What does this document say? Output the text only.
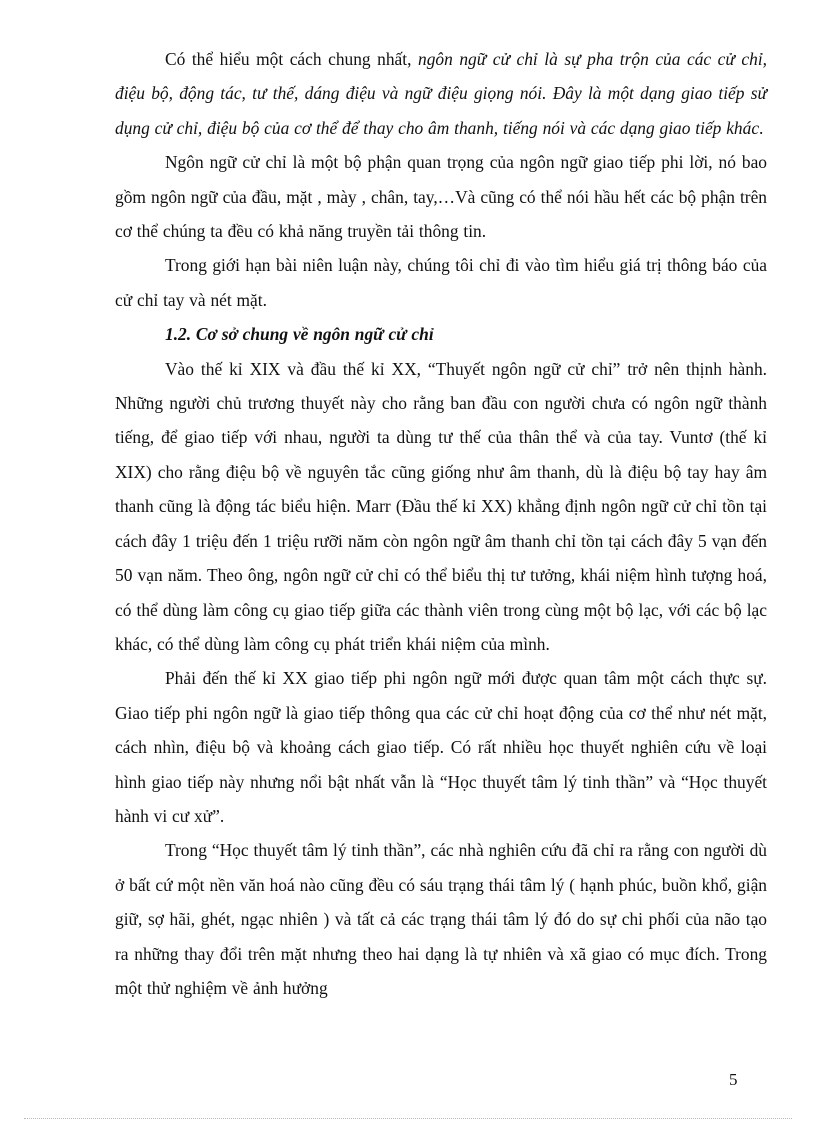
Có thể hiểu một cách chung nhất, ngôn ngữ cử chỉ là sự pha trộn của các cử chỉ, điệu bộ, động tác, tư thế, dáng điệu và ngữ điệu giọng nói. Đây là một dạng giao tiếp sử dụng cử chỉ, điệu bộ của cơ thể để thay cho âm thanh, tiếng nói và các dạng giao tiếp khác.

Ngôn ngữ cử chỉ là một bộ phận quan trọng của ngôn ngữ giao tiếp phi lời, nó bao gồm ngôn ngữ của đầu, mặt , mày , chân, tay,…Và cũng có thể nói hầu hết các bộ phận trên cơ thể chúng ta đều có khả năng truyền tải thông tin.

Trong giới hạn bài niên luận này, chúng tôi chỉ đi vào tìm hiểu giá trị thông báo của cử chỉ tay và nét mặt.

1.2. Cơ sở chung về ngôn ngữ cử chỉ

Vào thế kỉ XIX và đầu thế kỉ XX, “Thuyết ngôn ngữ cử chỉ” trở nên thịnh hành. Những người chủ trương thuyết này cho rằng ban đầu con người chưa có ngôn ngữ thành tiếng, để giao tiếp với nhau, người ta dùng tư thế của thân thể và của tay. Vuntơ (thế kỉ XIX) cho rằng điệu bộ về nguyên tắc cũng giống như âm thanh, dù là điệu bộ tay hay âm thanh cũng là động tác biểu hiện. Marr (Đầu thế kỉ XX) khẳng định ngôn ngữ cử chỉ tồn tại cách đây 1 triệu đến 1 triệu rưỡi năm còn ngôn ngữ âm thanh chỉ tồn tại cách đây 5 vạn đến 50 vạn năm. Theo ông, ngôn ngữ cử chỉ có thể biểu thị tư tưởng, khái niệm hình tượng hoá, có thể dùng làm công cụ giao tiếp giữa các thành viên trong cùng một bộ lạc, với các bộ lạc khác, có thể dùng làm công cụ phát triển khái niệm của mình.

Phải đến thế kỉ XX giao tiếp phi ngôn ngữ mới được quan tâm một cách thực sự. Giao tiếp phi ngôn ngữ là giao tiếp thông qua các cử chỉ hoạt động của cơ thể như nét mặt, cách nhìn, điệu bộ và khoảng cách giao tiếp. Có rất nhiều học thuyết nghiên cứu về loại hình giao tiếp này nhưng nổi bật nhất vẫn là “Học thuyết tâm lý tinh thần” và “Học thuyết hành vi cư xử”.

Trong “Học thuyết tâm lý tinh thần”, các nhà nghiên cứu đã chỉ ra rằng con người dù ở bất cứ một nền văn hoá nào cũng đều có sáu trạng thái tâm lý ( hạnh phúc, buồn khổ, giận giữ, sợ hãi, ghét, ngạc nhiên ) và tất cả các trạng thái tâm lý đó do sự chi phối của não tạo ra những thay đổi trên mặt nhưng theo hai dạng là tự nhiên và xã giao có mục đích. Trong một thử nghiệm về ảnh hưởng

5
